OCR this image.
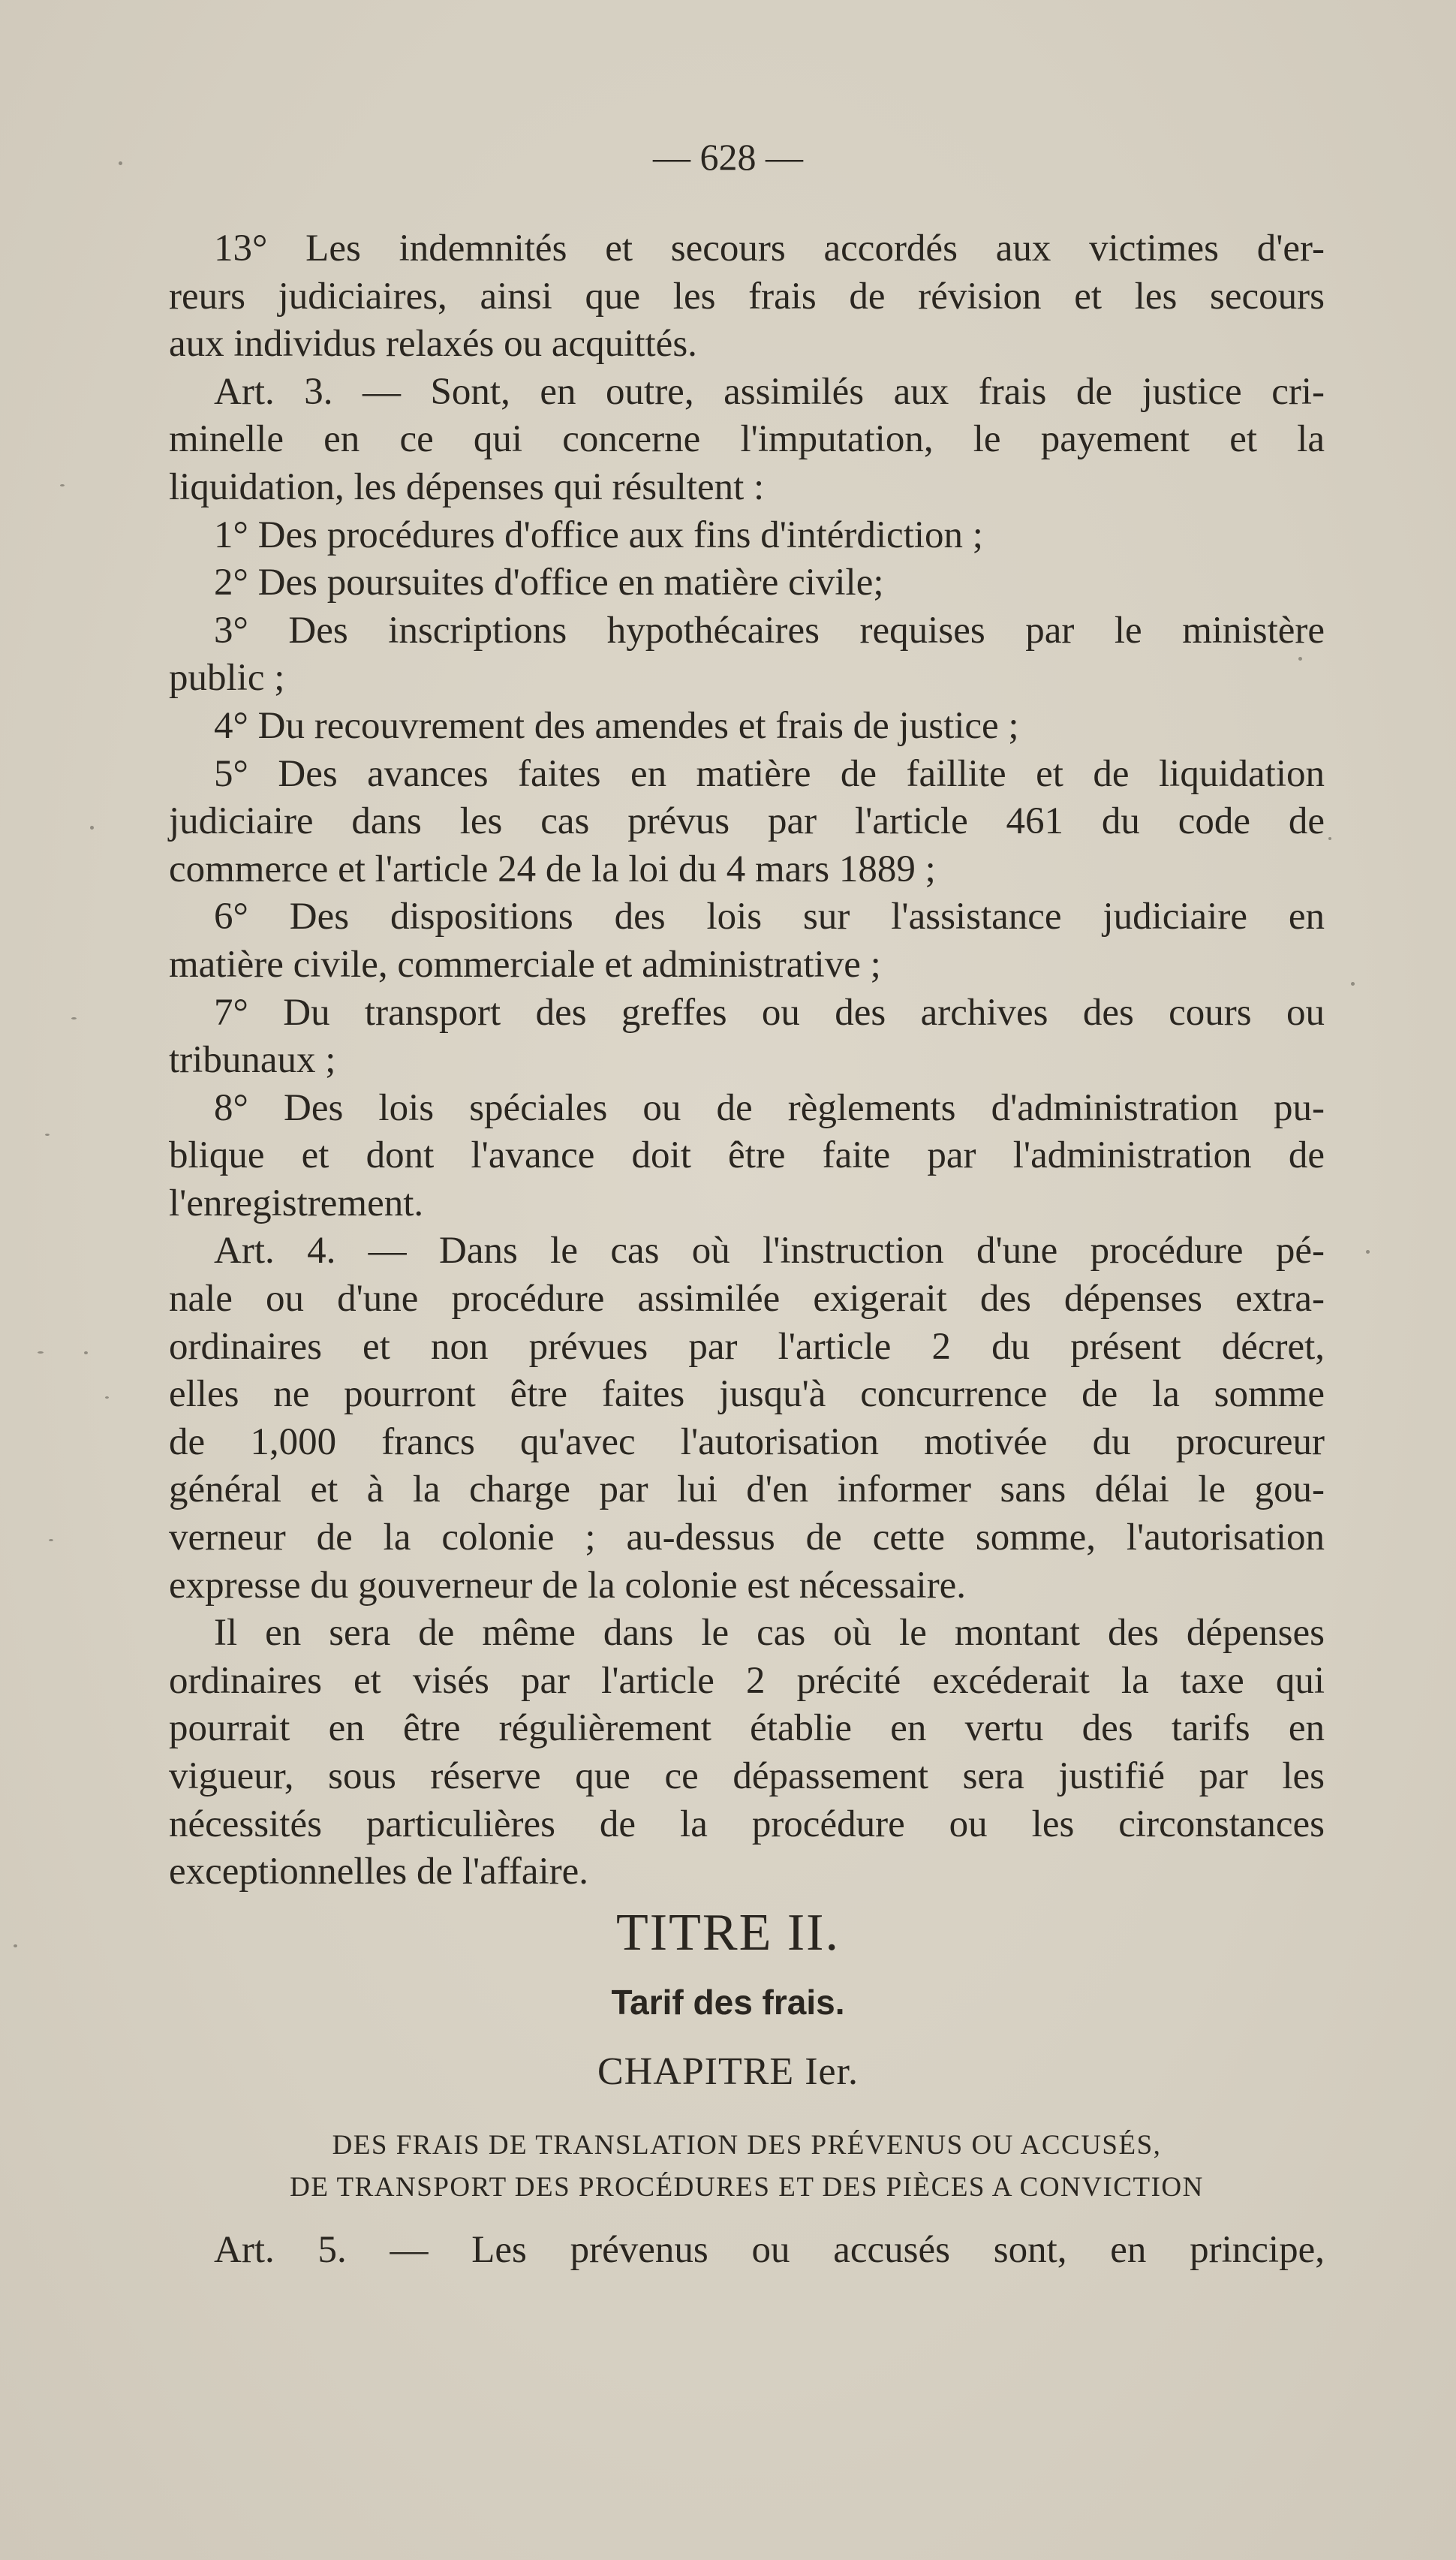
— 628 —
13° Les indemnités et secours accordés aux victimes d'er-
reurs judiciaires, ainsi que les frais de révision et les secours
aux individus relaxés ou acquittés.
Art. 3. — Sont, en outre, assimilés aux frais de justice cri-
minelle en ce qui concerne l'imputation, le payement et la
liquidation, les dépenses qui résultent :
1° Des procédures d'office aux fins d'intérdiction ;
2° Des poursuites d'office en matière civile;
3° Des inscriptions hypothécaires requises par le ministère
public ;
4° Du recouvrement des amendes et frais de justice ;
5° Des avances faites en matière de faillite et de liquidation
judiciaire dans les cas prévus par l'article 461 du code de
commerce et l'article 24 de la loi du 4 mars 1889 ;
6° Des dispositions des lois sur l'assistance judiciaire en
matière civile, commerciale et administrative ;
7° Du transport des greffes ou des archives des cours ou
tribunaux ;
8° Des lois spéciales ou de règlements d'administration pu-
blique et dont l'avance doit être faite par l'administration de
l'enregistrement.
Art. 4. — Dans le cas où l'instruction d'une procédure pé-
nale ou d'une procédure assimilée exigerait des dépenses extra-
ordinaires et non prévues par l'article 2 du présent décret,
elles ne pourront être faites jusqu'à concurrence de la somme
de 1,000 francs qu'avec l'autorisation motivée du procureur
général et à la charge par lui d'en informer sans délai le gou-
verneur de la colonie ; au-dessus de cette somme, l'autorisation
expresse du gouverneur de la colonie est nécessaire.
Il en sera de même dans le cas où le montant des dépenses
ordinaires et visés par l'article 2 précité excéderait la taxe qui
pourrait en être régulièrement établie en vertu des tarifs en
vigueur, sous réserve que ce dépassement sera justifié par les
nécessités particulières de la procédure ou les circonstances
exceptionnelles de l'affaire.
TITRE II.
Tarif des frais.
CHAPITRE Ier.
DES FRAIS DE TRANSLATION DES PRÉVENUS OU ACCUSÉS,
DE TRANSPORT DES PROCÉDURES ET DES PIÈCES A CONVICTION
Art. 5. — Les prévenus ou accusés sont, en principe,
